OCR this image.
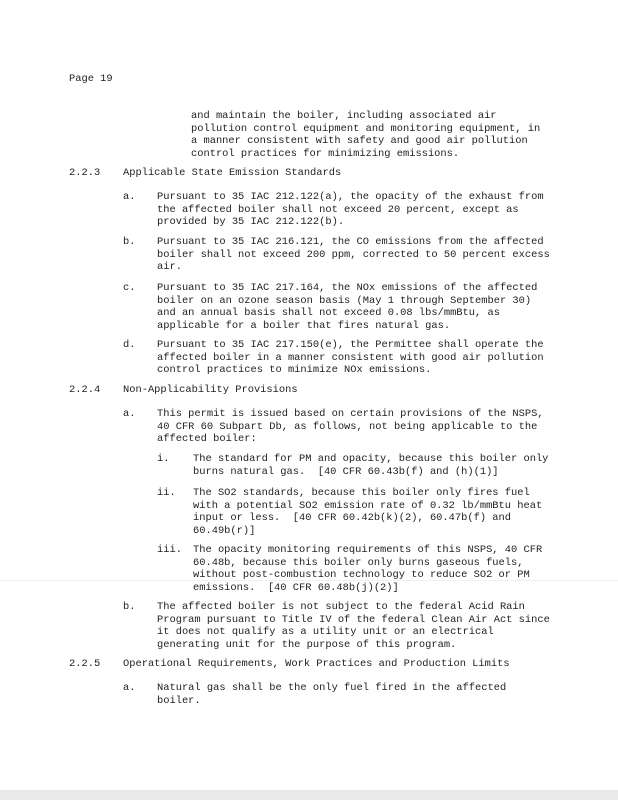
Page 19
and maintain the boiler, including associated air
pollution control equipment and monitoring equipment, in
a manner consistent with safety and good air pollution
control practices for minimizing emissions.
2.2.3 Applicable State Emission Standards
a. Pursuant to 35 IAC 212.122(a), the opacity of the exhaust from
the affected boiler shall not exceed 20 percent, except as
provided by 35 IAC 212.122(b).
b. Pursuant to 35 IAC 216.121, the CO emissions from the affected
boiler shall not exceed 200 ppm, corrected to 50 percent excess
air.
c. Pursuant to 35 IAC 217.164, the NOx emissions of the affected
boiler on an ozone season basis (May 1 through September 30)
and an annual basis shall not exceed 0.08 lbs/mmBtu, as
applicable for a boiler that fires natural gas.
d. Pursuant to 35 IAC 217.150(e), the Permittee shall operate the
affected boiler in a manner consistent with good air pollution
control practices to minimize NOx emissions.
2.2.4 Non-Applicability Provisions
a. This permit is issued based on certain provisions of the NSPS,
40 CFR 60 Subpart Db, as follows, not being applicable to the
affected boiler:
i. The standard for PM and opacity, because this boiler only
burns natural gas.  [40 CFR 60.43b(f) and (h)(1)]
ii. The SO2 standards, because this boiler only fires fuel
with a potential SO2 emission rate of 0.32 lb/mmBtu heat
input or less.  [40 CFR 60.42b(k)(2), 60.47b(f) and
60.49b(r)]
iii. The opacity monitoring requirements of this NSPS, 40 CFR
60.48b, because this boiler only burns gaseous fuels,
without post-combustion technology to reduce SO2 or PM
emissions.  [40 CFR 60.48b(j)(2)]
b. The affected boiler is not subject to the federal Acid Rain
Program pursuant to Title IV of the federal Clean Air Act since
it does not qualify as a utility unit or an electrical
generating unit for the purpose of this program.
2.2.5 Operational Requirements, Work Practices and Production Limits
a. Natural gas shall be the only fuel fired in the affected
boiler.
